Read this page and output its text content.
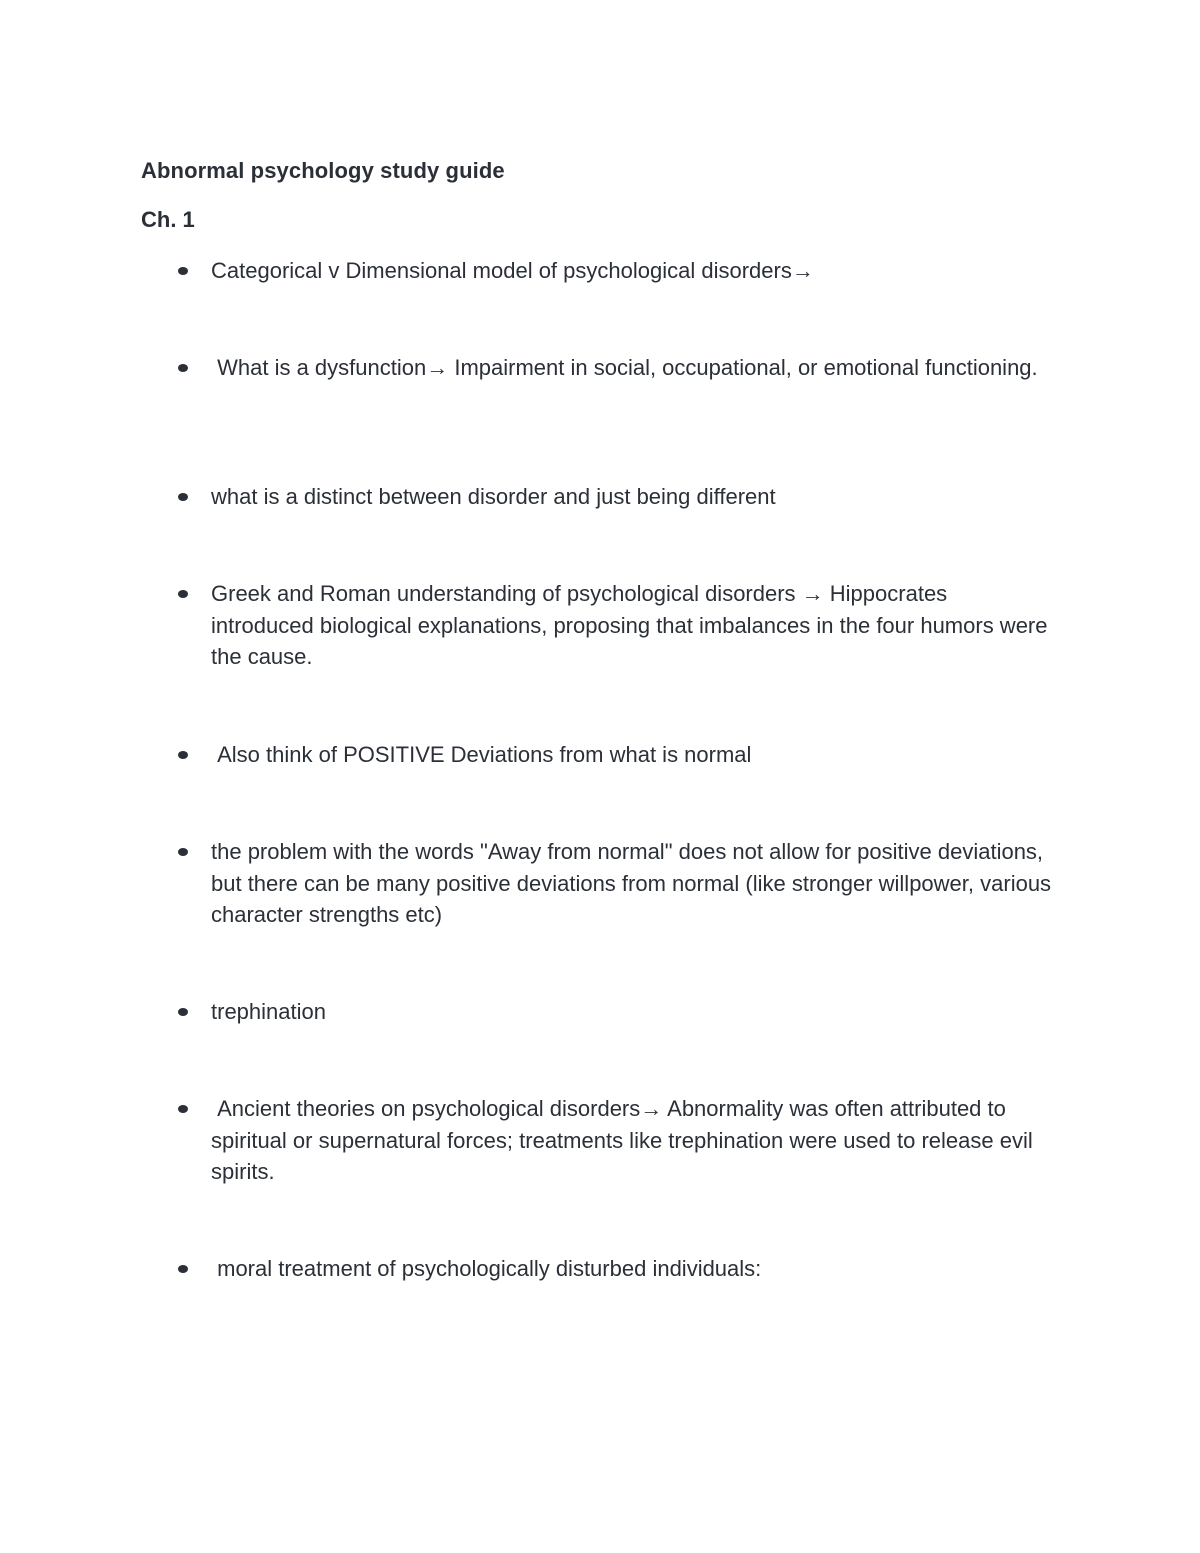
Abnormal psychology study guide
Ch. 1
Categorical v Dimensional model of psychological disorders→
What is a dysfunction→ Impairment in social, occupational, or emotional functioning.
what is a distinct between disorder and just being different
Greek and Roman understanding of psychological disorders → Hippocrates introduced biological explanations, proposing that imbalances in the four humors were the cause.
Also think of POSITIVE Deviations from what is normal
the problem with the words "Away from normal" does not allow for positive deviations, but there can be many positive deviations from normal (like stronger willpower, various character strengths etc)
trephination
Ancient theories on psychological disorders→ Abnormality was often attributed to spiritual or supernatural forces; treatments like trephination were used to release evil spirits.
moral treatment of psychologically disturbed individuals:
